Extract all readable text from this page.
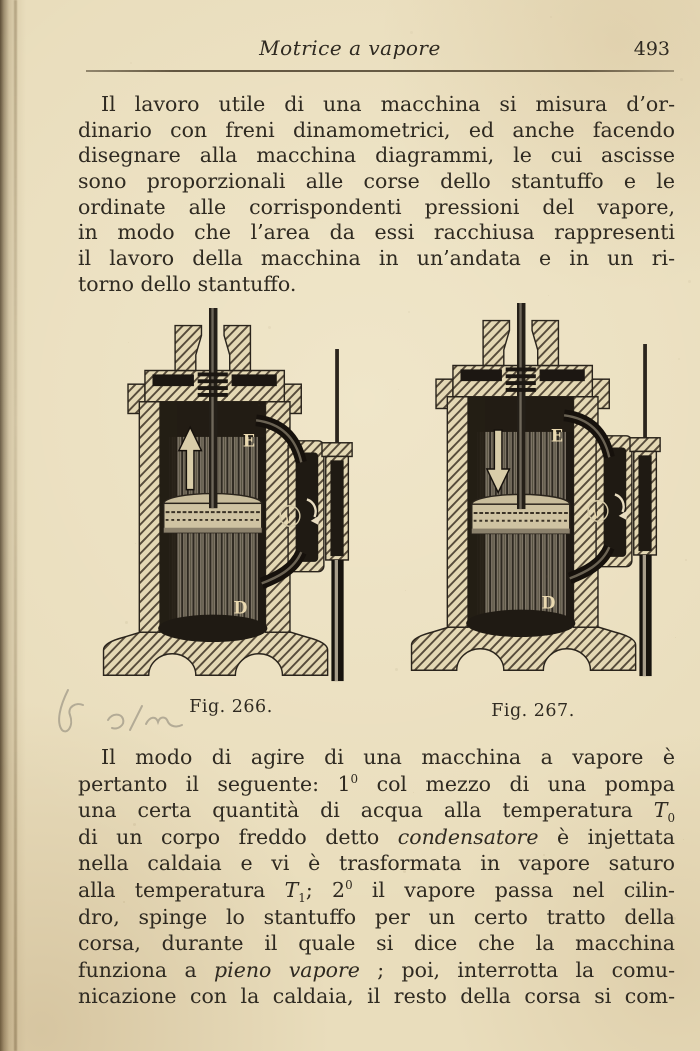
Motrice a vapore	493
Il lavoro utile di una macchina si misura d’or-
dinario con freni dinamometrici, ed anche facendo
disegnare alla macchina diagrammi, le cui ascisse
sono proporzionali alle corse dello stantuffo e le
ordinate alle corrispondenti pressioni del vapore,
in modo che l’area da essi racchiusa rappresenti
il lavoro della macchina in un’andata e in un ri-
torno dello stantuffo.
E
y
D
E
y
D
Fig. 266.	Fig. 267.
Il modo di agire di una macchina a vapore è
pertanto il seguente: $1^0$ col mezzo di una pompa
una certa quantità di acqua alla temperatura $T_0$
di un corpo freddo detto condensatore è injettata
nella caldaia e vi è trasformata in vapore saturo
alla temperatura $T_1$; $2^0$ il vapore passa nel cilin-
dro, spinge lo stantuffo per un certo tratto della
corsa, durante il quale si dice che la macchina
funziona a pieno vapore ; poi, interrotta la comu-
nicazione con la caldaia, il resto della corsa si com-
